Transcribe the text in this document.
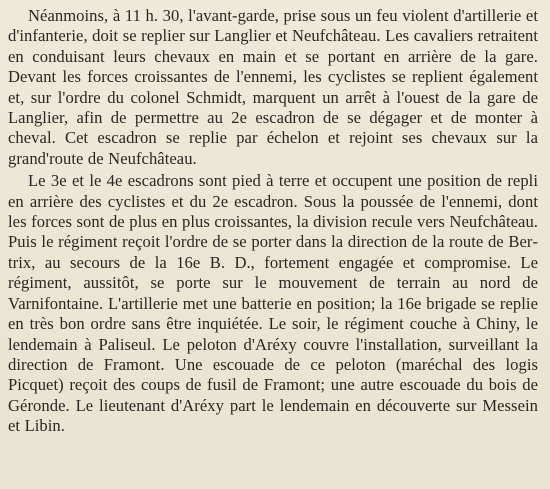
Néanmoins, à 11 h. 30, l'avant-garde, prise sous un feu violent d'artillerie et d'infanterie, doit se replier sur Langlier et Neufchâteau. Les cavaliers retraitent en conduisant leurs chevaux en main et se portant en arrière de la gare. Devant les forces croissantes de l'ennemi, les cyclistes se replient également et, sur l'ordre du colonel Schmidt, marquent un arrêt à l'ouest de la gare de Langlier, afin de permettre au 2e escadron de se dégager et de monter à cheval. Cet escadron se replie par échelon et rejoint ses chevaux sur la grand'route de Neufchâteau.

Le 3e et le 4e escadrons sont pied à terre et occupent une position de repli en arrière des cyclistes et du 2e escadron. Sous la poussée de l'ennemi, dont les forces sont de plus en plus croissantes, la division recule vers Neufchâteau. Puis le régiment reçoit l'ordre de se porter dans la direction de la route de Bertrix, au secours de la 16e B. D., fortement engagée et compromise. Le régiment, aussitôt, se porte sur le mouvement de terrain au nord de Varnifontaine. L'artillerie met une batterie en position; la 16e brigade se replie en très bon ordre sans être inquiétée. Le soir, le régiment couche à Chiny, le lendemain à Paliseul. Le peloton d'Aréxy couvre l'installation, surveillant la direction de Framont. Une escouade de ce peloton (maréchal des logis Picquet) reçoit des coups de fusil de Framont; une autre escouade du bois de Géronde. Le lieutenant d'Aréxy part le lendemain en découverte sur Messein et Libin.
